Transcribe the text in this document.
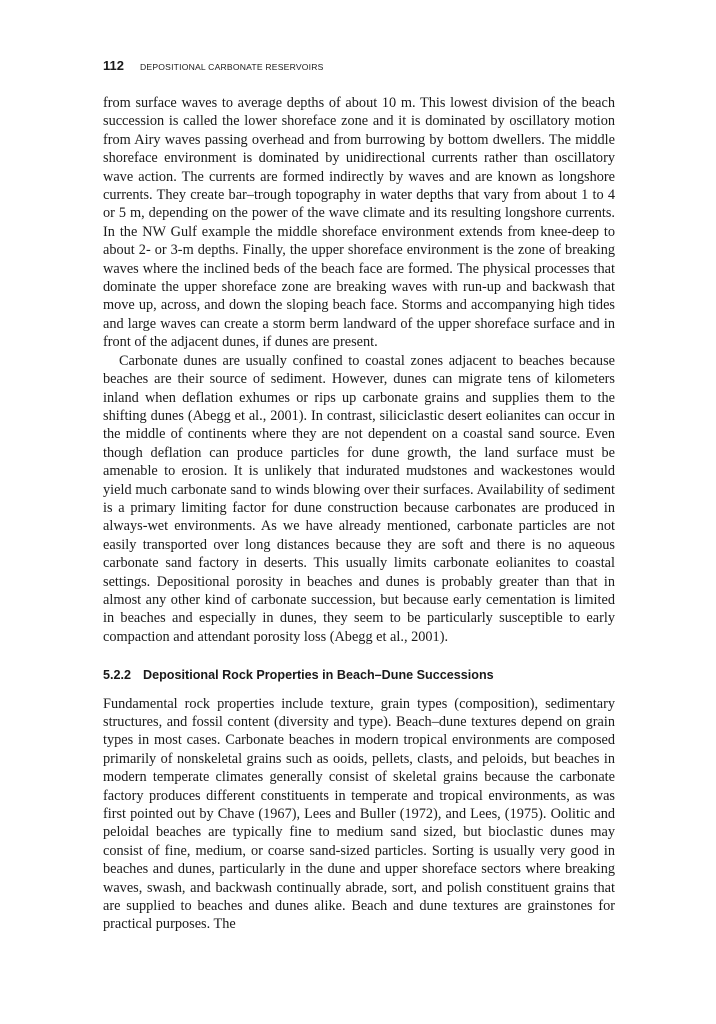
112 DEPOSITIONAL CARBONATE RESERVOIRS

from surface waves to average depths of about 10 m. This lowest division of the beach succession is called the lower shoreface zone and it is dominated by oscillatory motion from Airy waves passing overhead and from burrowing by bottom dwellers. The middle shoreface environment is dominated by unidirectional currents rather than oscillatory wave action. The currents are formed indirectly by waves and are known as longshore currents. They create bar–trough topography in water depths that vary from about 1 to 4 or 5 m, depending on the power of the wave climate and its resulting longshore currents. In the NW Gulf example the middle shoreface environment extends from knee-deep to about 2- or 3-m depths. Finally, the upper shoreface environment is the zone of breaking waves where the inclined beds of the beach face are formed. The physical processes that dominate the upper shoreface zone are breaking waves with run-up and backwash that move up, across, and down the sloping beach face. Storms and accompanying high tides and large waves can create a storm berm landward of the upper shoreface surface and in front of the adjacent dunes, if dunes are present.

Carbonate dunes are usually confined to coastal zones adjacent to beaches because beaches are their source of sediment. However, dunes can migrate tens of kilometers inland when deflation exhumes or rips up carbonate grains and supplies them to the shifting dunes (Abegg et al., 2001). In contrast, siliciclastic desert eolianites can occur in the middle of continents where they are not dependent on a coastal sand source. Even though deflation can produce particles for dune growth, the land surface must be amenable to erosion. It is unlikely that indurated mudstones and wackestones would yield much carbonate sand to winds blowing over their surfaces. Availability of sediment is a primary limiting factor for dune construction because carbonates are produced in always-wet environments. As we have already mentioned, carbonate particles are not easily transported over long distances because they are soft and there is no aqueous carbonate sand factory in deserts. This usually limits carbonate eolianites to coastal settings. Depositional porosity in beaches and dunes is probably greater than that in almost any other kind of carbonate succession, but because early cementation is limited in beaches and especially in dunes, they seem to be particularly susceptible to early compaction and attendant porosity loss (Abegg et al., 2001).

5.2.2 Depositional Rock Properties in Beach–Dune Successions

Fundamental rock properties include texture, grain types (composition), sedimentary structures, and fossil content (diversity and type). Beach–dune textures depend on grain types in most cases. Carbonate beaches in modern tropical environments are composed primarily of nonskeletal grains such as ooids, pellets, clasts, and peloids, but beaches in modern temperate climates generally consist of skeletal grains because the carbonate factory produces different constituents in temperate and tropical environments, as was first pointed out by Chave (1967), Lees and Buller (1972), and Lees, (1975). Oolitic and peloidal beaches are typically fine to medium sand sized, but bioclastic dunes may consist of fine, medium, or coarse sand-sized particles. Sorting is usually very good in beaches and dunes, particularly in the dune and upper shoreface sectors where breaking waves, swash, and backwash continually abrade, sort, and polish constituent grains that are supplied to beaches and dunes alike. Beach and dune textures are grainstones for practical purposes. The
